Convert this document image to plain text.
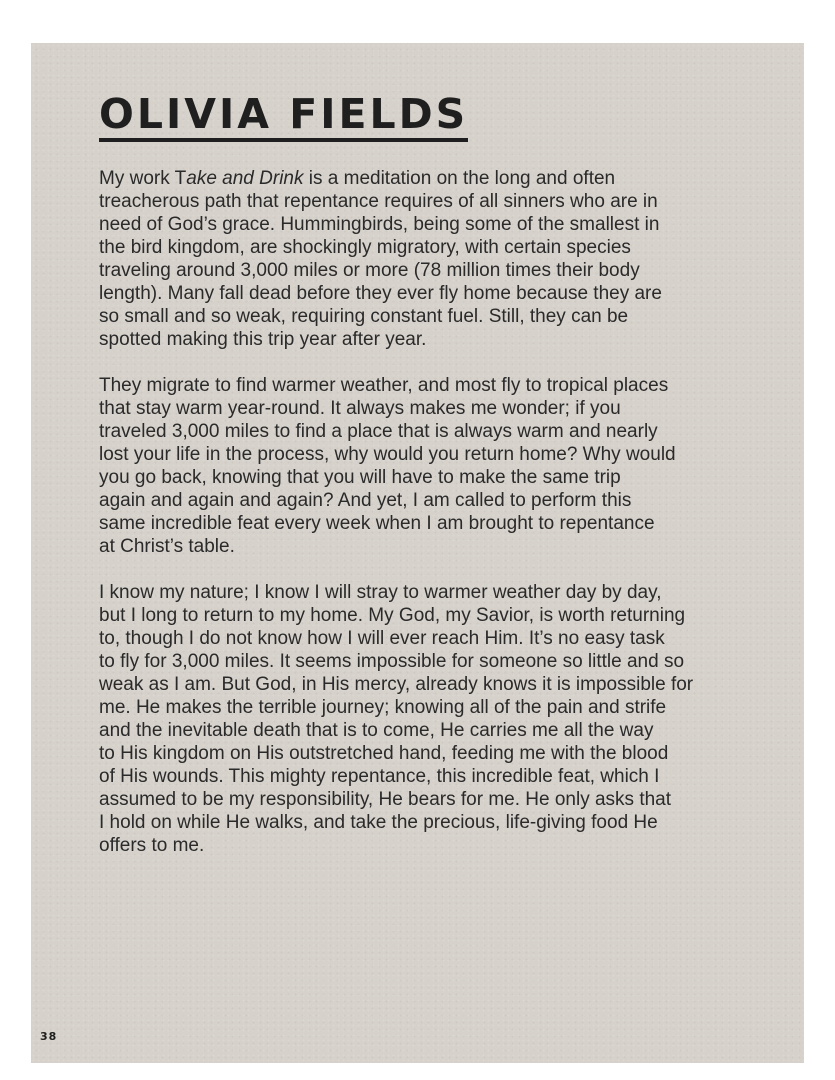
OLIVIA FIELDS

My work Take and Drink is a meditation on the long and often
treacherous path that repentance requires of all sinners who are in
need of God’s grace. Hummingbirds, being some of the smallest in
the bird kingdom, are shockingly migratory, with certain species
traveling around 3,000 miles or more (78 million times their body
length). Many fall dead before they ever fly home because they are
so small and so weak, requiring constant fuel. Still, they can be
spotted making this trip year after year.

They migrate to find warmer weather, and most fly to tropical places
that stay warm year-round. It always makes me wonder; if you
traveled 3,000 miles to find a place that is always warm and nearly
lost your life in the process, why would you return home? Why would
you go back, knowing that you will have to make the same trip
again and again and again? And yet, I am called to perform this
same incredible feat every week when I am brought to repentance
at Christ’s table.

I know my nature; I know I will stray to warmer weather day by day,
but I long to return to my home. My God, my Savior, is worth returning
to, though I do not know how I will ever reach Him. It’s no easy task
to fly for 3,000 miles. It seems impossible for someone so little and so
weak as I am. But God, in His mercy, already knows it is impossible for
me. He makes the terrible journey; knowing all of the pain and strife
and the inevitable death that is to come, He carries me all the way
to His kingdom on His outstretched hand, feeding me with the blood
of His wounds. This mighty repentance, this incredible feat, which I
assumed to be my responsibility, He bears for me. He only asks that
I hold on while He walks, and take the precious, life-giving food He
offers to me.

38
